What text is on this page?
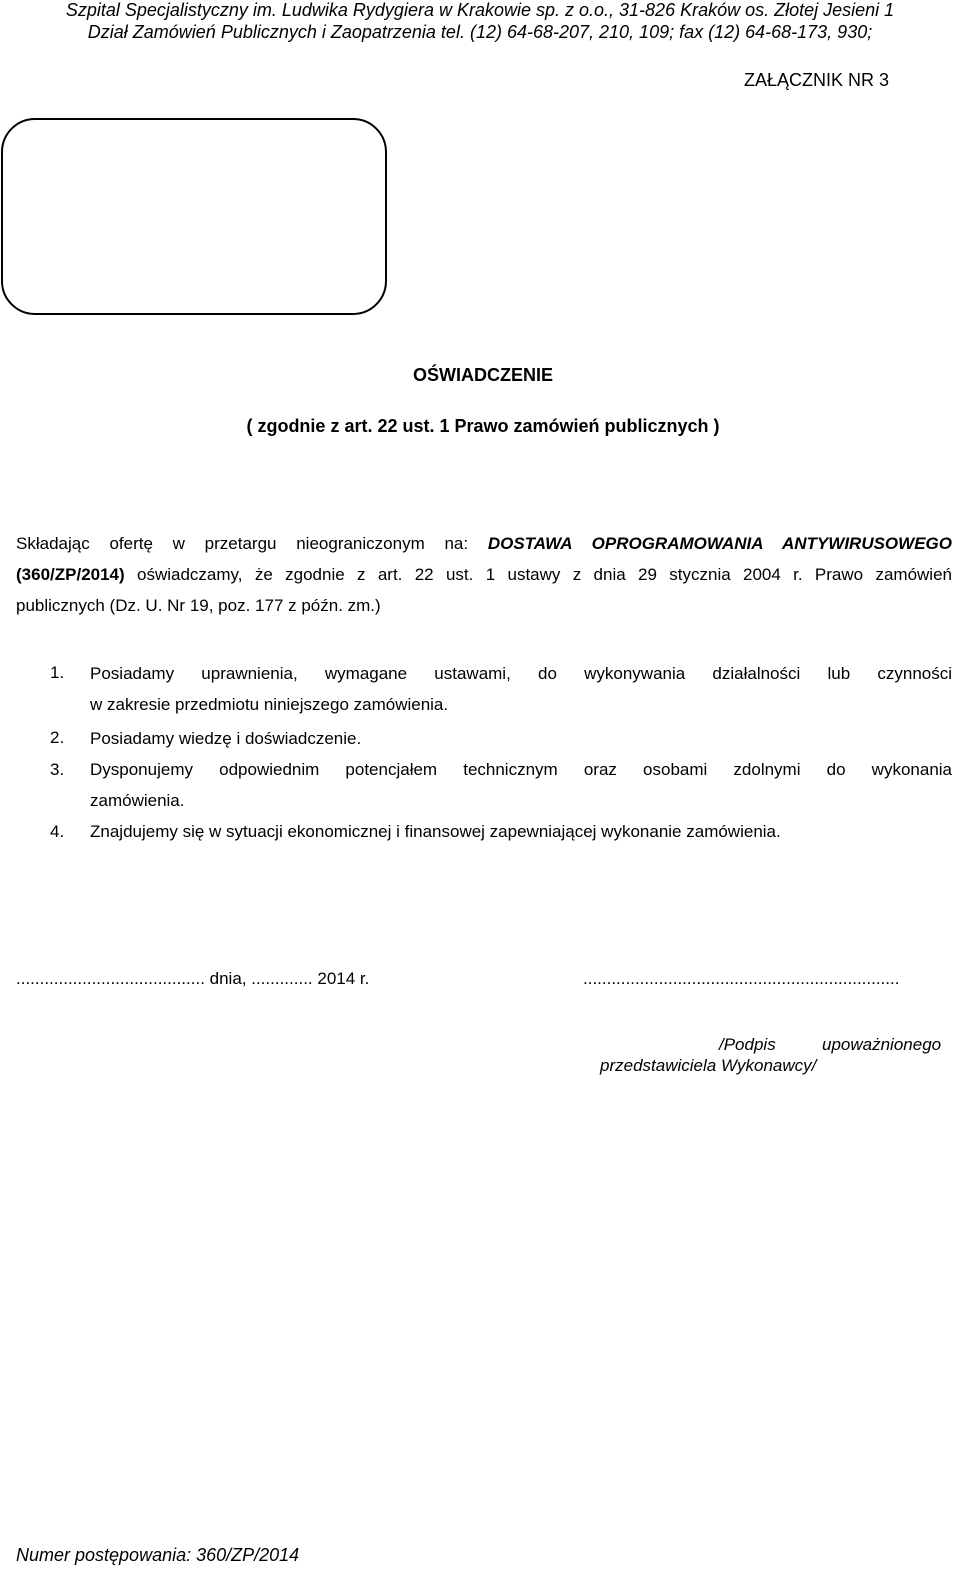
Szpital Specjalistyczny im. Ludwika Rydygiera w Krakowie sp. z o.o., 31-826 Kraków os. Złotej Jesieni 1
Dział Zamówień Publicznych i Zaopatrzenia tel. (12) 64-68-207, 210, 109; fax (12) 64-68-173, 930;
ZAŁĄCZNIK NR 3
OŚWIADCZENIE
( zgodnie z art. 22 ust. 1 Prawo zamówień publicznych )
Składając ofertę w przetargu nieograniczonym na: DOSTAWA OPROGRAMOWANIA ANTYWIRUSOWEGO
(360/ZP/2014) oświadczamy, że zgodnie z art. 22 ust. 1 ustawy z dnia 29 stycznia 2004 r. Prawo zamówień
publicznych (Dz. U. Nr 19, poz. 177 z późn. zm.)
1. Posiadamy uprawnienia, wymagane ustawami, do wykonywania działalności lub czynności
w zakresie przedmiotu niniejszego zamówienia.
2. Posiadamy wiedzę i doświadczenie.
3. Dysponujemy odpowiednim potencjałem technicznym oraz osobami zdolnymi do wykonania
zamówienia.
4. Znajdujemy się w sytuacji ekonomicznej i finansowej zapewniającej wykonanie zamówienia.
........................................ dnia, ............. 2014 r.	...................................................................
/Podpis	upoważnionego
przedstawiciela Wykonawcy/
Numer postępowania: 360/ZP/2014
